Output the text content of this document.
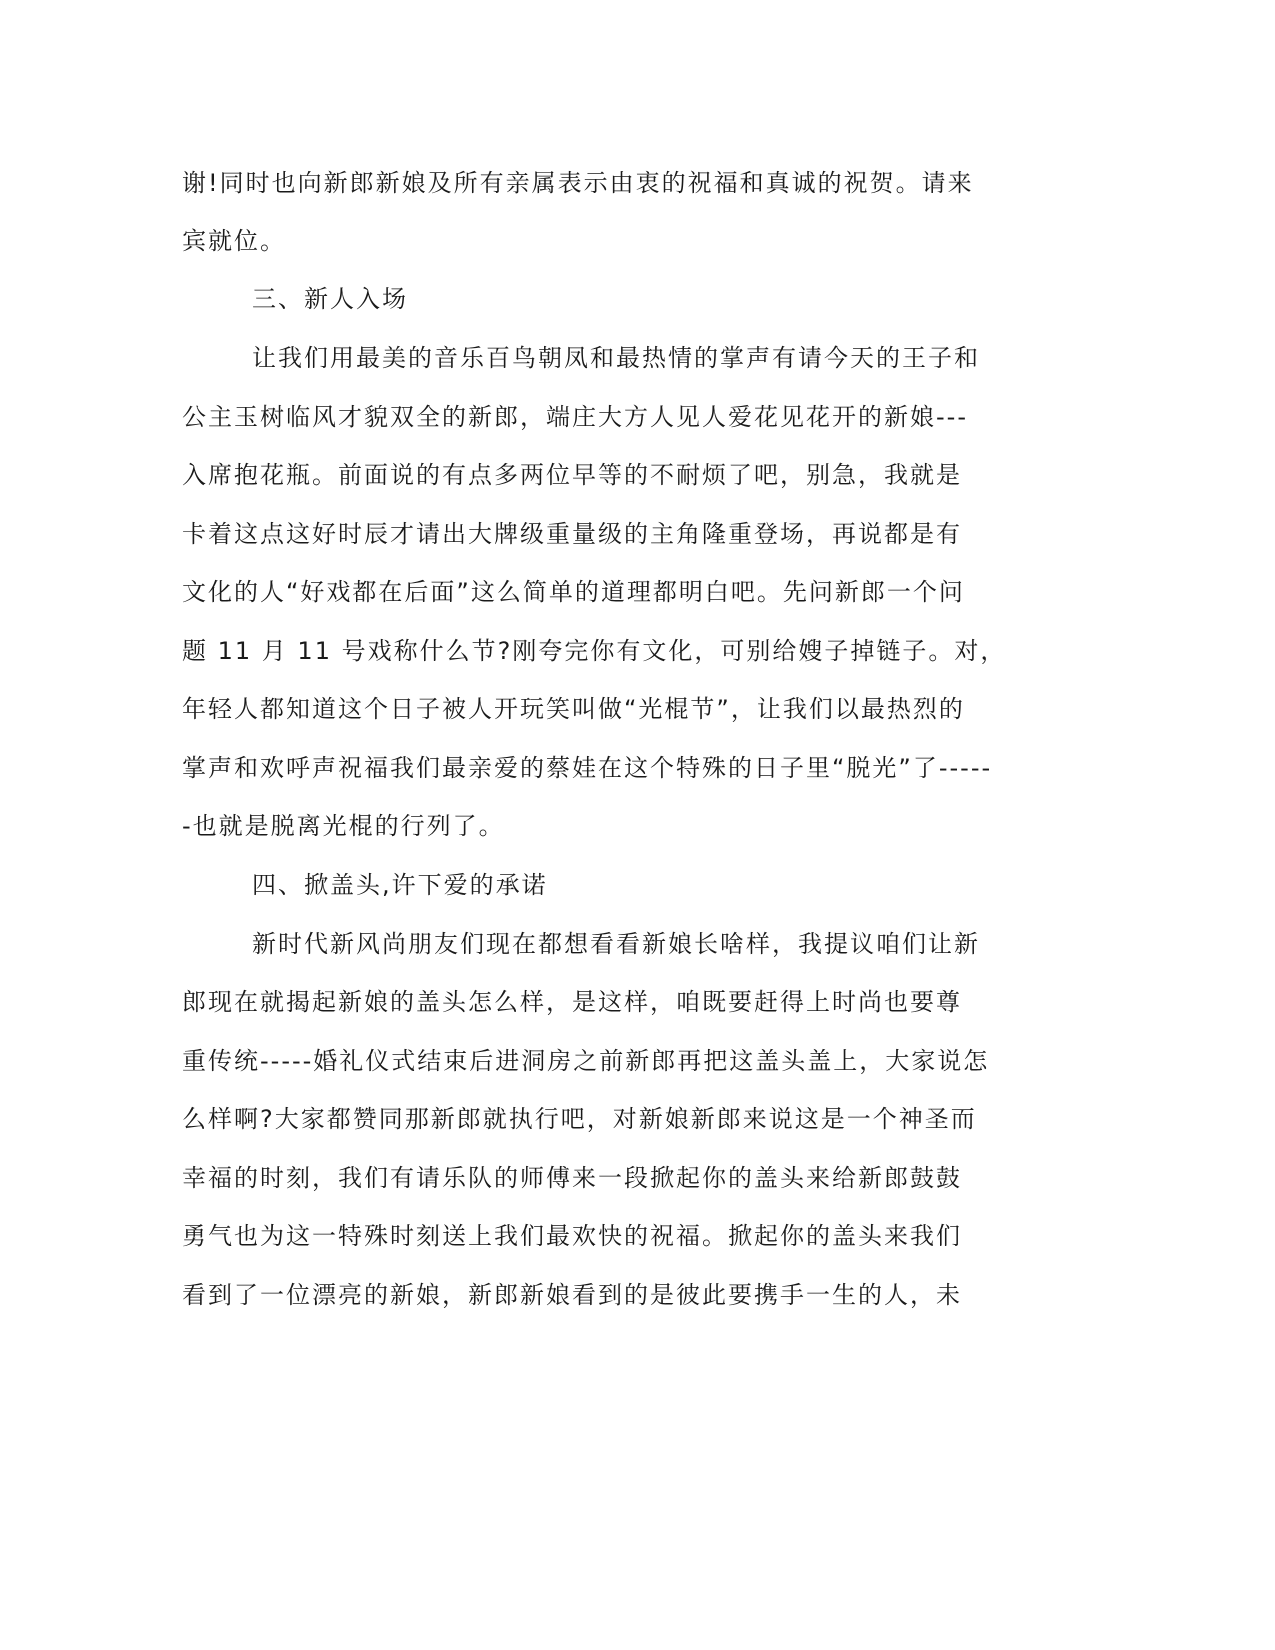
谢!同时也向新郎新娘及所有亲属表示由衷的祝福和真诚的祝贺。请来
宾就位。
三、新人入场
让我们用最美的音乐百鸟朝凤和最热情的掌声有请今天的王子和
公主玉树临风才貌双全的新郎，端庄大方人见人爱花见花开的新娘---
入席抱花瓶。前面说的有点多两位早等的不耐烦了吧，别急，我就是
卡着这点这好时辰才请出大牌级重量级的主角隆重登场，再说都是有
文化的人“好戏都在后面”这么简单的道理都明白吧。先问新郎一个问
题 11 月 11 号戏称什么节?刚夸完你有文化，可别给嫂子掉链子。对，
年轻人都知道这个日子被人开玩笑叫做“光棍节”，让我们以最热烈的
掌声和欢呼声祝福我们最亲爱的蔡娃在这个特殊的日子里“脱光”了-----
-也就是脱离光棍的行列了。
四、掀盖头,许下爱的承诺
新时代新风尚朋友们现在都想看看新娘长啥样，我提议咱们让新
郎现在就揭起新娘的盖头怎么样，是这样，咱既要赶得上时尚也要尊
重传统-----婚礼仪式结束后进洞房之前新郎再把这盖头盖上，大家说怎
么样啊?大家都赞同那新郎就执行吧，对新娘新郎来说这是一个神圣而
幸福的时刻，我们有请乐队的师傅来一段掀起你的盖头来给新郎鼓鼓
勇气也为这一特殊时刻送上我们最欢快的祝福。掀起你的盖头来我们
看到了一位漂亮的新娘，新郎新娘看到的是彼此要携手一生的人，未
